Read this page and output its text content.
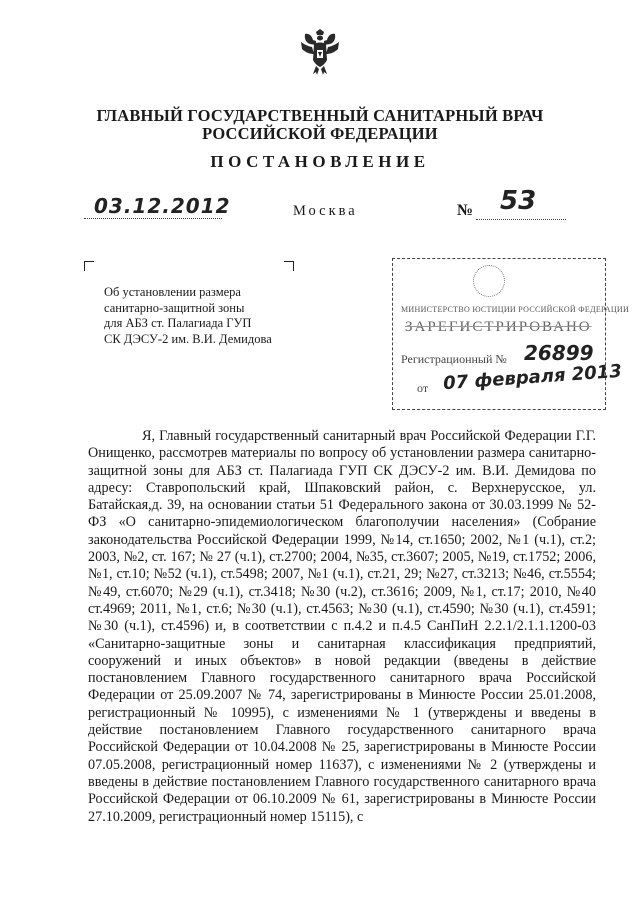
ГЛАВНЫЙ ГОСУДАРСТВЕННЫЙ САНИТАРНЫЙ ВРАЧ
РОССИЙСКОЙ ФЕДЕРАЦИИ
ПОСТАНОВЛЕНИЕ
03.12.2012	Москва	№ 53
Об установлении размера
санитарно-защитной зоны
для АБЗ ст. Палагиада ГУП
СК ДЭСУ-2 им. В.И. Демидова
МИНИСТЕРСТВО ЮСТИЦИИ РОССИЙСКОЙ ФЕДЕРАЦИИ
ЗАРЕГИСТРИРОВАНО
Регистрационный № 26899
от 07 февраля 2013

Я, Главный государственный санитарный врач Российской Федерации Г.Г. Онищенко, рассмотрев материалы по вопросу об установлении размера санитарно-защитной зоны для АБЗ ст. Палагиада ГУП СК ДЭСУ-2 им. В.И. Демидова по адресу: Ставропольский край, Шпаковский район, с. Верхнерусское, ул. Батайская,д. 39, на основании статьи 51 Федерального закона от 30.03.1999 № 52-ФЗ «О санитарно-эпидемиологическом благополучии населения» (Собрание законодательства Российской Федерации 1999, №14, ст.1650; 2002, №1 (ч.1), ст.2; 2003, №2, ст. 167; № 27 (ч.1), ст.2700; 2004, №35, ст.3607; 2005, №19, ст.1752; 2006, №1, ст.10; №52 (ч.1), ст.5498; 2007, №1 (ч.1), ст.21, 29; №27, ст.3213; №46, ст.5554; №49, ст.6070; №29 (ч.1), ст.3418; №30 (ч.2), ст.3616; 2009, №1, ст.17; 2010, №40 ст.4969; 2011, №1, ст.6; №30 (ч.1), ст.4563; №30 (ч.1), ст.4590; №30 (ч.1), ст.4591; №30 (ч.1), ст.4596) и, в соответствии с п.4.2 и п.4.5 СанПиН 2.2.1/2.1.1.1200-03 «Санитарно-защитные зоны и санитарная классификация предприятий, сооружений и иных объектов» в новой редакции (введены в действие постановлением Главного государственного санитарного врача Российской Федерации от 25.09.2007 № 74, зарегистрированы в Минюсте России 25.01.2008, регистрационный № 10995), с изменениями № 1 (утверждены и введены в действие постановлением Главного государственного санитарного врача Российской Федерации от 10.04.2008 № 25, зарегистрированы в Минюсте России 07.05.2008, регистрационный номер 11637), с изменениями № 2 (утверждены и введены в действие постановлением Главного государственного санитарного врача Российской Федерации от 06.10.2009 № 61, зарегистрированы в Минюсте России 27.10.2009, регистрационный номер 15115), с
